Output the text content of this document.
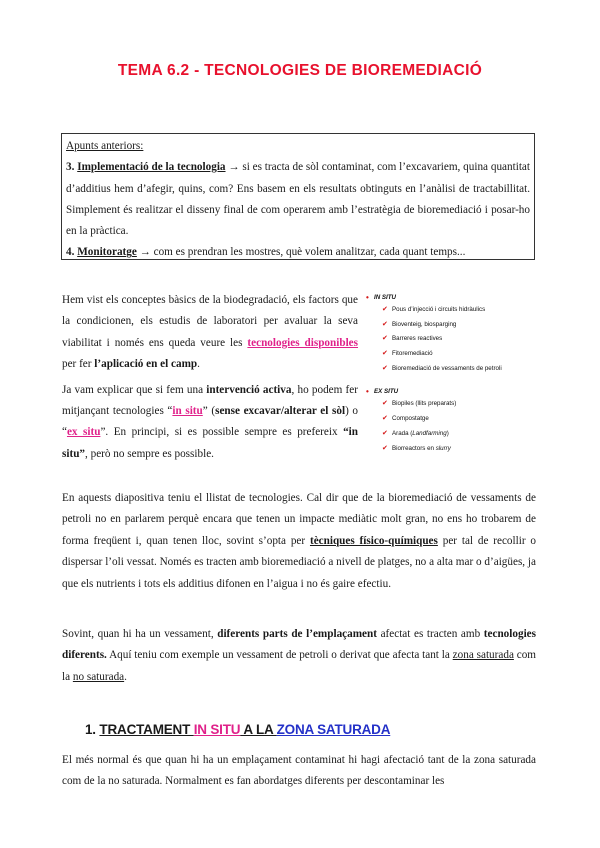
TEMA 6.2 - TECNOLOGIES DE BIOREMEDIACIÓ

Apunts anteriors:

3. Implementació de la tecnologia → si es tracta de sòl contaminat, com l’excavariem, quina quantitat d’additius hem d’afegir, quins, com? Ens basem en els resultats obtinguts en l’anàlisi de tractabillitat. Simplement és realitzar el disseny final de com operarem amb l’estratègia de bioremediació i posar-ho en la pràctica.

4. Monitoratge → com es prendran les mostres, què volem analitzar, cada quant temps...

Hem vist els conceptes bàsics de la biodegradació, els factors que la condicionen, els estudis de laboratori per avaluar la seva viabilitat i només ens queda veure les tecnologies disponibles per fer l’aplicació en el camp.

Ja vam explicar que si fem una intervenció activa, ho podem fer mitjançant tecnologies “in situ” (sense excavar/alterar el sòl) o “ex situ”. En principi, si es possible sempre es prefereix “in situ”, però no sempre es possible.

• IN SITU
✔ Pous d’injecció i circuits hidràulics
✔ Bioventeig, biosparging
✔ Barreres reactives
✔ Fitoremediació
✔ Bioremediació de vessaments de petroli
• EX SITU
✔ Biopiles (llits preparats)
✔ Compostatge
✔ Arada (Landfarming)
✔ Biorreactors en slurry

En aquests diapositiva teniu el llistat de tecnologies. Cal dir que de la bioremediació de vessaments de petroli no en parlarem perquè encara que tenen un impacte mediàtic molt gran, no ens ho trobarem de forma freqüent i, quan tenen lloc, sovint s’opta per tècniques físico-químiques per tal de recollir o dispersar l’oli vessat. Només es tracten amb bioremediació a nivell de platges, no a alta mar o d’aigües, ja que els nutrients i tots els additius difonen en l’aigua i no és gaire efectiu.

Sovint, quan hi ha un vessament, diferents parts de l’emplaçament afectat es tracten amb tecnologies diferents. Aquí teniu com exemple un vessament de petroli o derivat que afecta tant la zona saturada com la no saturada.

1. TRACTAMENT IN SITU A LA ZONA SATURADA

El més normal és que quan hi ha un emplaçament contaminat hi hagi afectació tant de la zona saturada com de la no saturada. Normalment es fan abordatges diferents per descontaminar les
